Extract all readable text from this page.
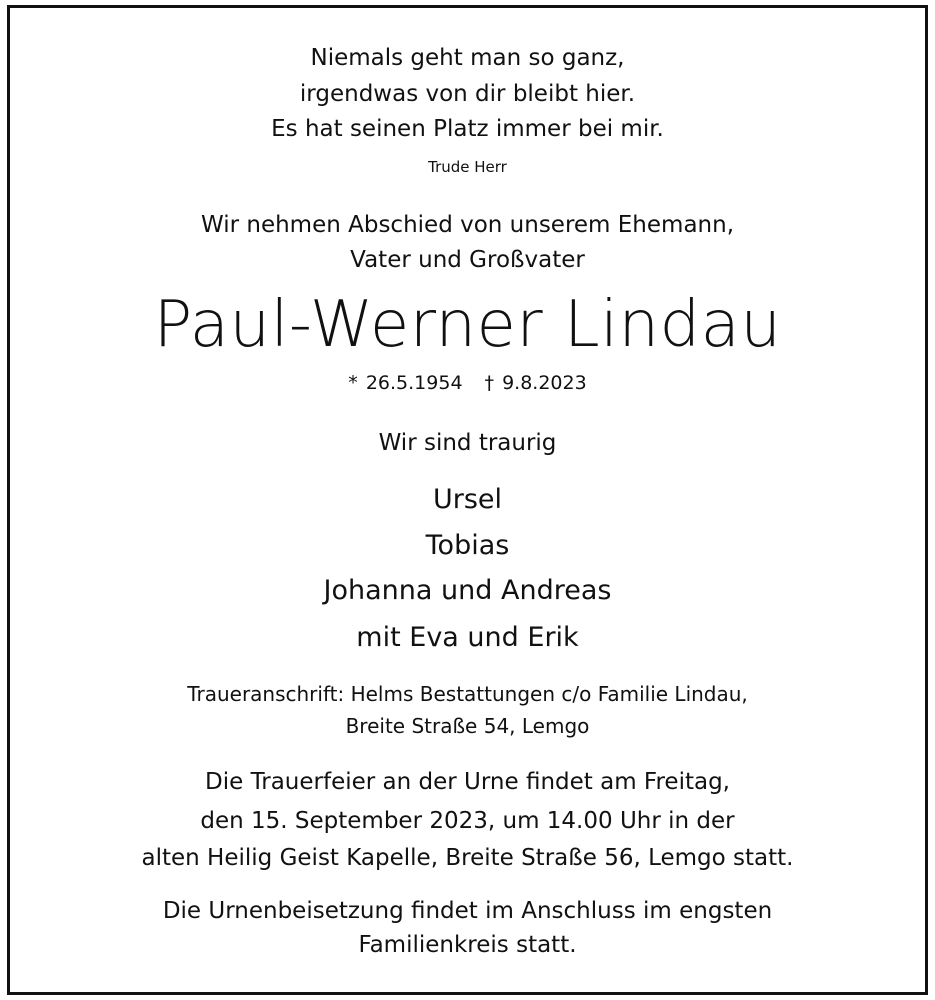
Niemals geht man so ganz,
irgendwas von dir bleibt hier.
Es hat seinen Platz immer bei mir.
Trude Herr
Wir nehmen Abschied von unserem Ehemann,
Vater und Großvater
Paul-Werner Lindau
* 26.5.1954 † 9.8.2023
Wir sind traurig
Ursel
Tobias
Johanna und Andreas
mit Eva und Erik
Traueranschrift: Helms Bestattungen c/o Familie Lindau,
Breite Straße 54, Lemgo
Die Trauerfeier an der Urne findet am Freitag,
den 15. September 2023, um 14.00 Uhr in der
alten Heilig Geist Kapelle, Breite Straße 56, Lemgo statt.
Die Urnenbeisetzung findet im Anschluss im engsten
Familienkreis statt.
